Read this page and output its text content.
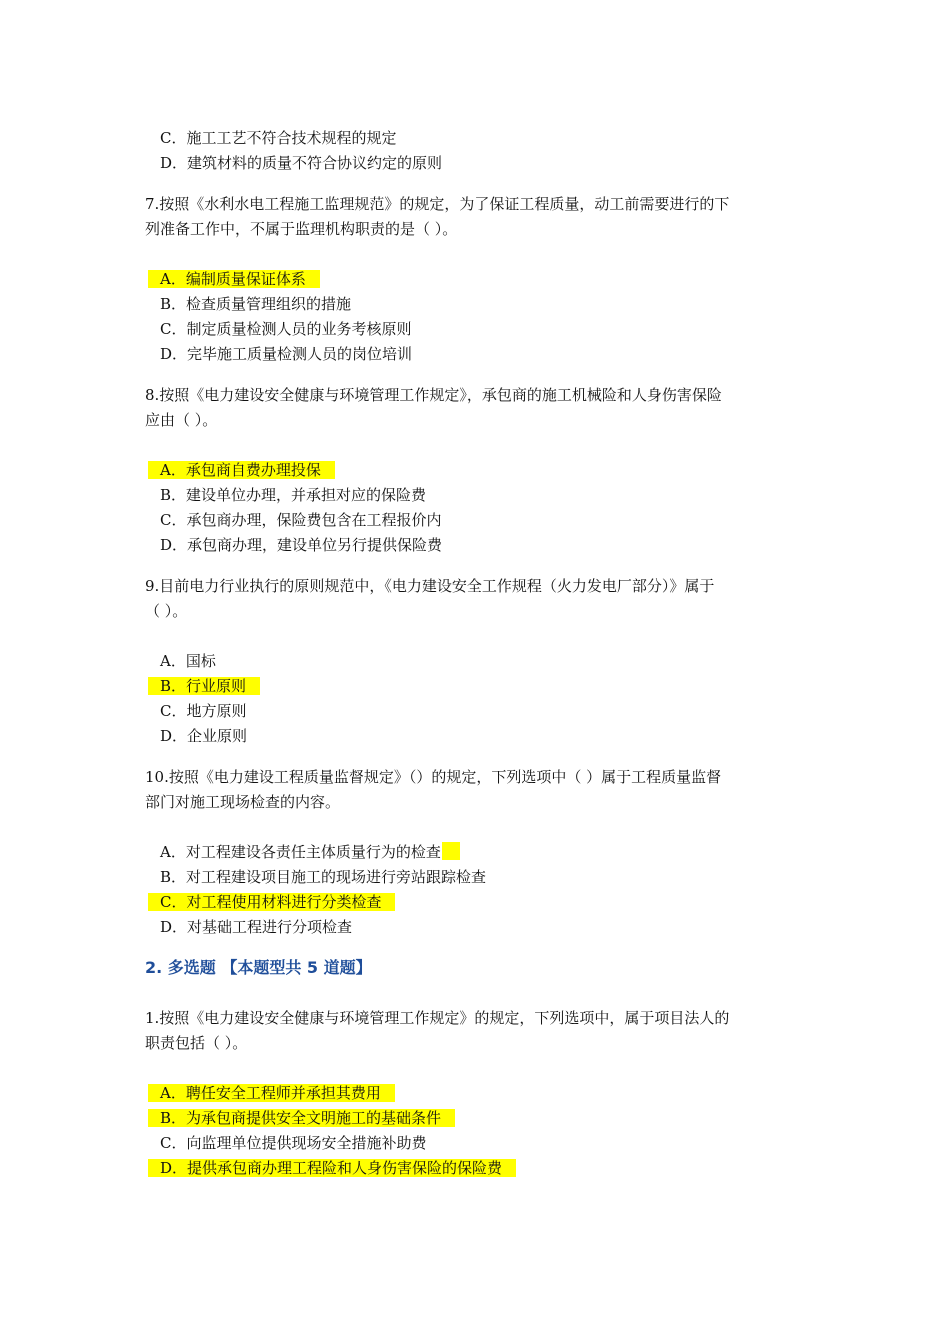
C．施工工艺不符合技术规程的规定
D．建筑材料的质量不符合协议约定的原则
7.按照《水利水电工程施工监理规范》的规定，为了保证工程质量，动工前需要进行的下
列准备工作中，不属于监理机构职责的是（ ）。
A．编制质量保证体系
B．检查质量管理组织的措施
C．制定质量检测人员的业务考核原则
D．完毕施工质量检测人员的岗位培训
8.按照《电力建设安全健康与环境管理工作规定》，承包商的施工机械险和人身伤害保险
应由（ ）。
A．承包商自费办理投保
B．建设单位办理，并承担对应的保险费
C．承包商办理，保险费包含在工程报价内
D．承包商办理，建设单位另行提供保险费
9.目前电力行业执行的原则规范中，《电力建设安全工作规程（火力发电厂部分）》属于
（ ）。
A．国标
B．行业原则
C．地方原则
D．企业原则
10.按照《电力建设工程质量监督规定》（）的规定，下列选项中（ ）属于工程质量监督
部门对施工现场检查的内容。
A．对工程建设各责任主体质量行为的检查
B．对工程建设项目施工的现场进行旁站跟踪检查
C．对工程使用材料进行分类检查
D．对基础工程进行分项检查
2. 多选题 【本题型共 5 道题】
1.按照《电力建设安全健康与环境管理工作规定》的规定，下列选项中，属于项目法人的
职责包括（ ）。
A．聘任安全工程师并承担其费用
B．为承包商提供安全文明施工的基础条件
C．向监理单位提供现场安全措施补助费
D．提供承包商办理工程险和人身伤害保险的保险费
